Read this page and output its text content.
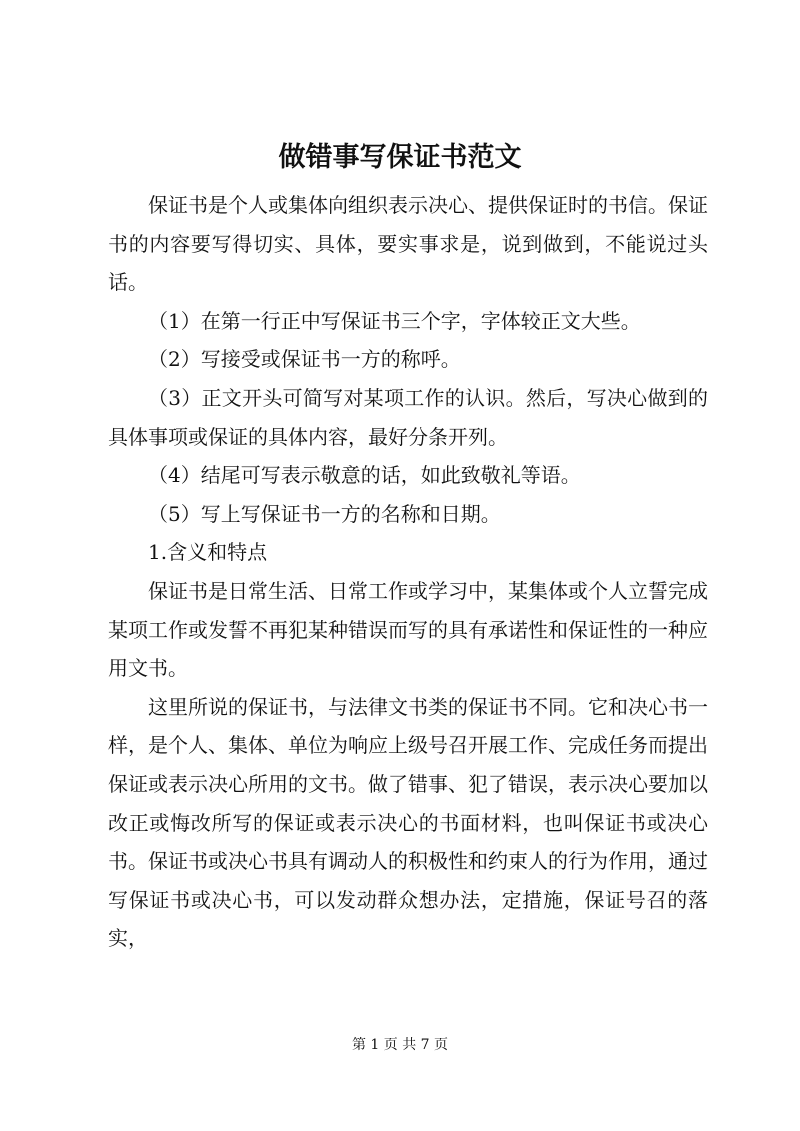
做错事写保证书范文

保证书是个人或集体向组织表示决心、提供保证时的书信。保证书的内容要写得切实、具体，要实事求是，说到做到，不能说过头话。

（1）在第一行正中写保证书三个字，字体较正文大些。

（2）写接受或保证书一方的称呼。

（3）正文开头可简写对某项工作的认识。然后，写决心做到的具体事项或保证的具体内容，最好分条开列。

（4）结尾可写表示敬意的话，如此致敬礼等语。

（5）写上写保证书一方的名称和日期。

1.含义和特点

保证书是日常生活、日常工作或学习中，某集体或个人立誓完成某项工作或发誓不再犯某种错误而写的具有承诺性和保证性的一种应用文书。

这里所说的保证书，与法律文书类的保证书不同。它和决心书一样，是个人、集体、单位为响应上级号召开展工作、完成任务而提出保证或表示决心所用的文书。做了错事、犯了错误，表示决心要加以改正或悔改所写的保证或表示决心的书面材料，也叫保证书或决心书。保证书或决心书具有调动人的积极性和约束人的行为作用，通过写保证书或决心书，可以发动群众想办法，定措施，保证号召的落实，

第 1 页 共 7 页
